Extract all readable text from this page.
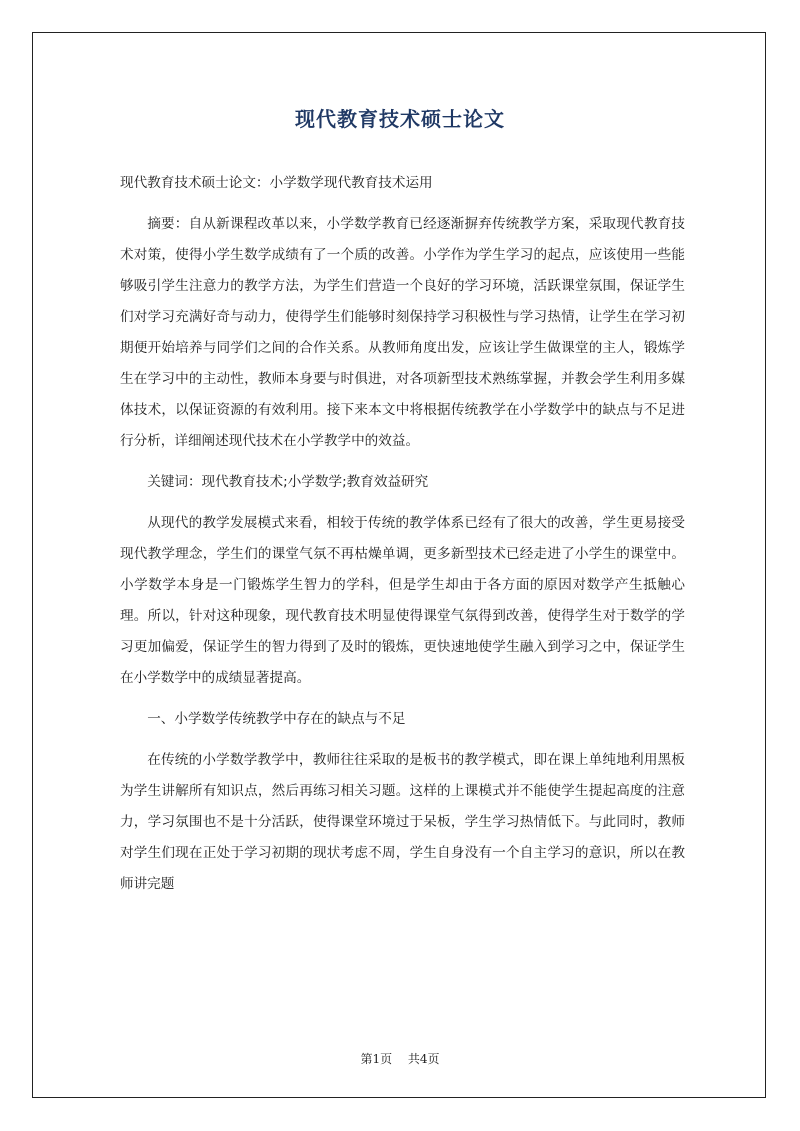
现代教育技术硕士论文

现代教育技术硕士论文：小学数学现代教育技术运用

摘要：自从新课程改革以来，小学数学教育已经逐渐摒弃传统教学方案，采取现代教育技术对策，使得小学生数学成绩有了一个质的改善。小学作为学生学习的起点，应该使用一些能够吸引学生注意力的教学方法，为学生们营造一个良好的学习环境，活跃课堂氛围，保证学生们对学习充满好奇与动力，使得学生们能够时刻保持学习积极性与学习热情，让学生在学习初期便开始培养与同学们之间的合作关系。从教师角度出发，应该让学生做课堂的主人，锻炼学生在学习中的主动性，教师本身要与时俱进，对各项新型技术熟练掌握，并教会学生利用多媒体技术，以保证资源的有效利用。接下来本文中将根据传统教学在小学数学中的缺点与不足进行分析，详细阐述现代技术在小学教学中的效益。

关键词：现代教育技术;小学数学;教育效益研究

从现代的教学发展模式来看，相较于传统的教学体系已经有了很大的改善，学生更易接受现代教学理念，学生们的课堂气氛不再枯燥单调，更多新型技术已经走进了小学生的课堂中。小学数学本身是一门锻炼学生智力的学科，但是学生却由于各方面的原因对数学产生抵触心理。所以，针对这种现象，现代教育技术明显使得课堂气氛得到改善，使得学生对于数学的学习更加偏爱，保证学生的智力得到了及时的锻炼，更快速地使学生融入到学习之中，保证学生在小学数学中的成绩显著提高。

一、小学数学传统教学中存在的缺点与不足

在传统的小学数学教学中，教师往往采取的是板书的教学模式，即在课上单纯地利用黑板为学生讲解所有知识点，然后再练习相关习题。这样的上课模式并不能使学生提起高度的注意力，学习氛围也不是十分活跃，使得课堂环境过于呆板，学生学习热情低下。与此同时，教师对学生们现在正处于学习初期的现状考虑不周，学生自身没有一个自主学习的意识，所以在教师讲完题

第1页 共4页
